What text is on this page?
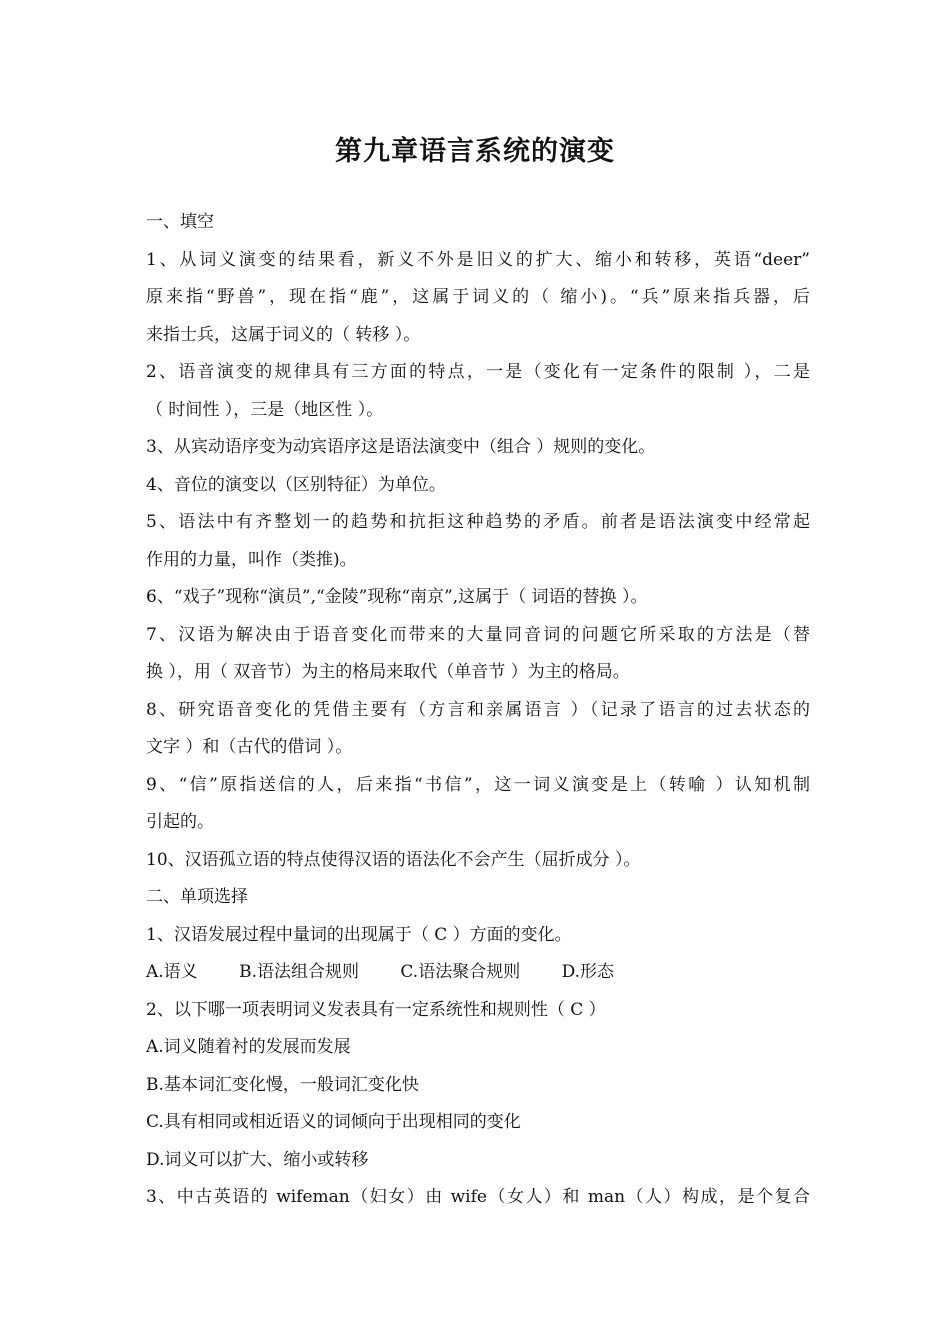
第九章语言系统的演变
一、填空
1、从词义演变的结果看，新义不外是旧义的扩大、缩小和转移，英语“deer”
原来指“野兽”，现在指“鹿”，这属于词义的（ 缩小)。“兵”原来指兵器，后
来指士兵，这属于词义的（ 转移 ）。
2、语音演变的规律具有三方面的特点，一是（变化有一定条件的限制 ），二是
（ 时间性 ），三是（地区性 ）。
3、从宾动语序变为动宾语序这是语法演变中（组合 ）规则的变化。
4、音位的演变以（区别特征）为单位。
5、语法中有齐整划一的趋势和抗拒这种趋势的矛盾。前者是语法演变中经常起
作用的力量，叫作（类推)。
6、“戏子”现称“演员”,“金陵”现称“南京”,这属于（ 词语的替换 ）。
7、汉语为解决由于语音变化而带来的大量同音词的问题它所采取的方法是（替
换 ），用（ 双音节）为主的格局来取代（单音节 ）为主的格局。
8、研究语音变化的凭借主要有（方言和亲属语言 ）（记录了语言的过去状态的
文字 ）和（古代的借词 ）。
9、“信”原指送信的人，后来指“书信”，这一词义演变是上（转喻 ）认知机制
引起的。
10、汉语孤立语的特点使得汉语的语法化不会产生（屈折成分 ）。
二、单项选择
1、汉语发展过程中量词的出现属于（ C ）方面的变化。
A.语义 B.语法组合规则 C.语法聚合规则 D.形态
2、以下哪一项表明词义发表具有一定系统性和规则性（ C ）
A.词义随着衬的发展而发展
B.基本词汇变化慢，一般词汇变化快
C.具有相同或相近语义的词倾向于出现相同的变化
D.词义可以扩大、缩小或转移
3、中古英语的 wifeman（妇女）由 wife（女人）和 man（人）构成，是个复合
